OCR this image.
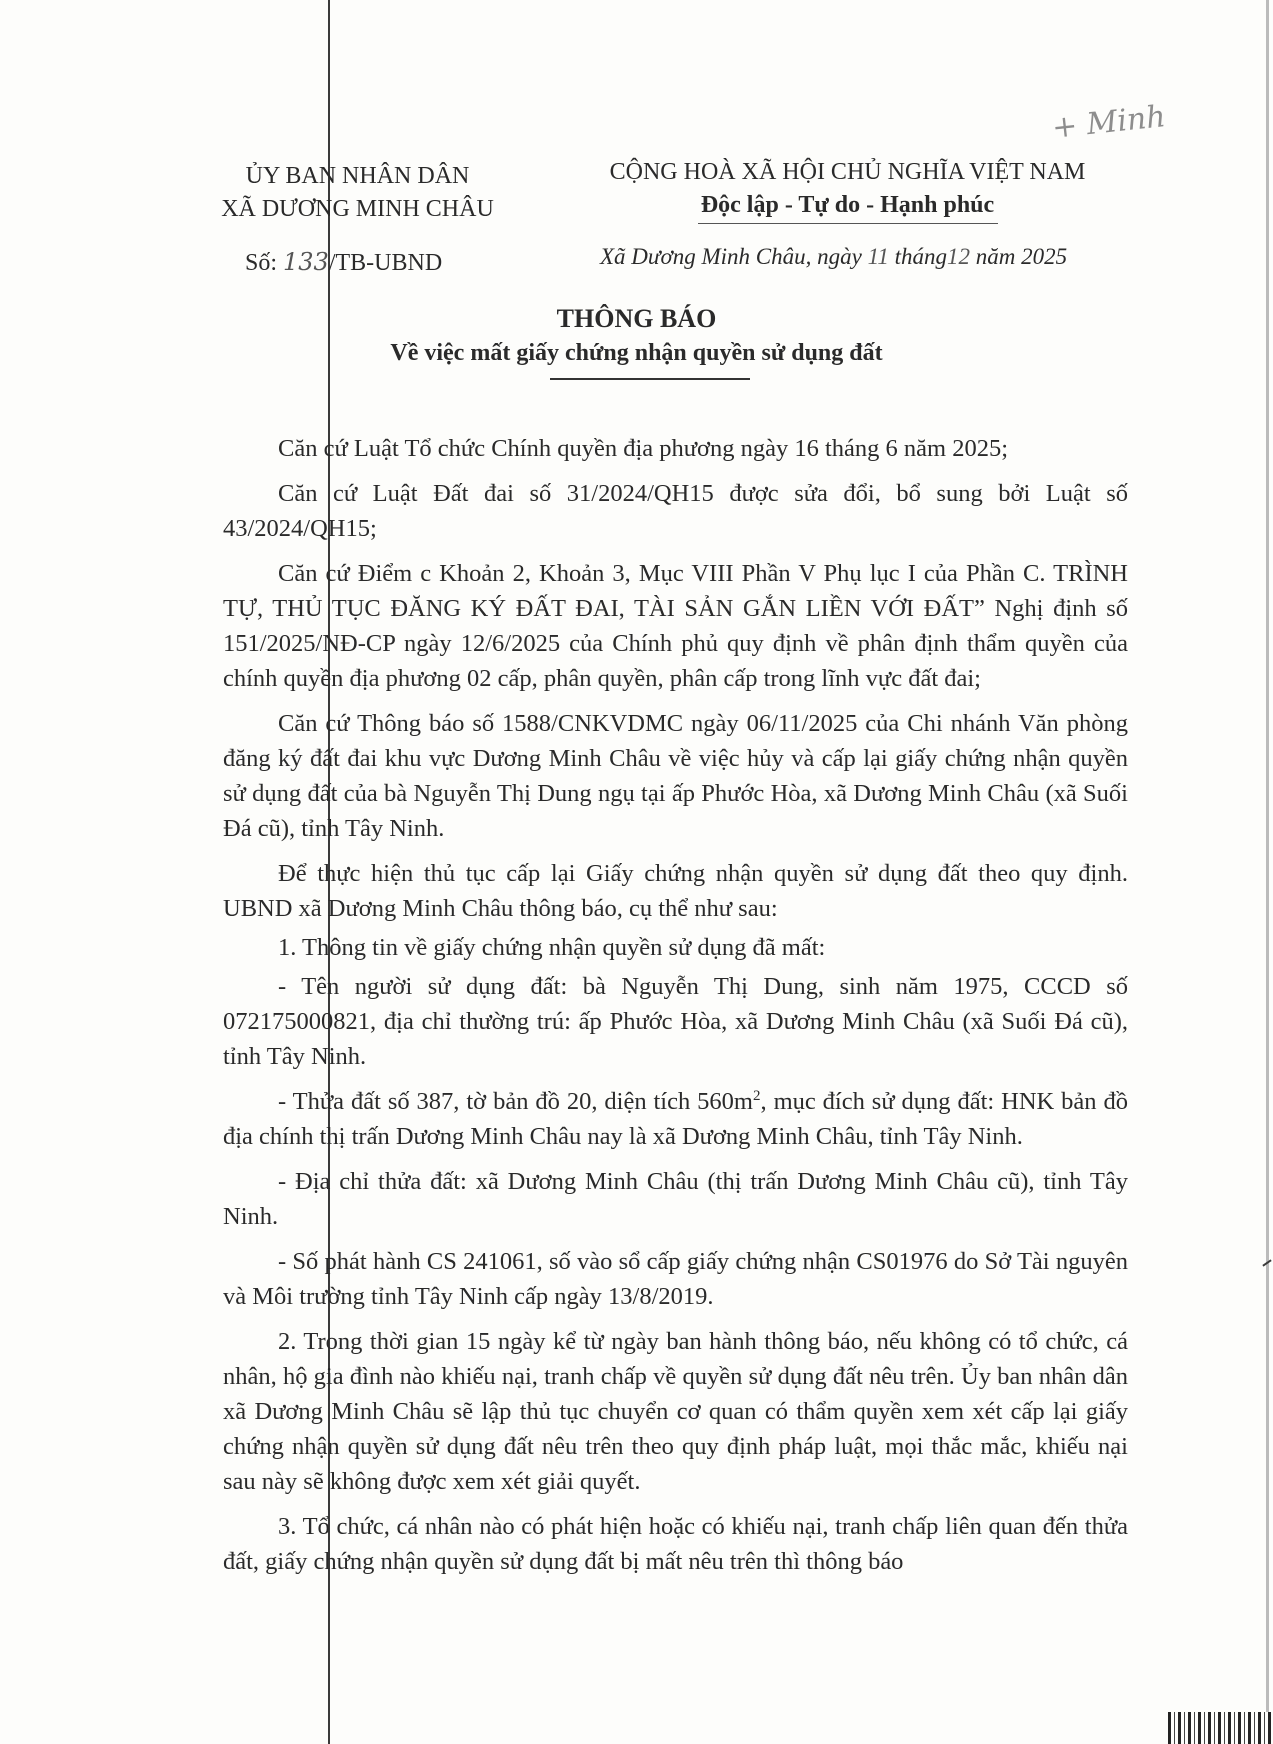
+ Minh
ỦY BAN NHÂN DÂN
XÃ DƯƠNG MINH CHÂU
CỘNG HOÀ XÃ HỘI CHỦ NGHĨA VIỆT NAM
Độc lập - Tự do - Hạnh phúc
Số: 133/TB-UBND	Xã Dương Minh Châu, ngày 11 tháng12 năm 2025
THÔNG BÁO
Về việc mất giấy chứng nhận quyền sử dụng đất

Căn cứ Luật Tổ chức Chính quyền địa phương ngày 16 tháng 6 năm 2025;

Căn cứ Luật Đất đai số 31/2024/QH15 được sửa đổi, bổ sung bởi Luật số 43/2024/QH15;

Căn cứ Điểm c Khoản 2, Khoản 3, Mục VIII Phần V Phụ lục I của Phần C. TRÌNH TỰ, THỦ TỤC ĐĂNG KÝ ĐẤT ĐAI, TÀI SẢN GẮN LIỀN VỚI ĐẤT” Nghị định số 151/2025/NĐ-CP ngày 12/6/2025 của Chính phủ quy định về phân định thẩm quyền của chính quyền địa phương 02 cấp, phân quyền, phân cấp trong lĩnh vực đất đai;

Căn cứ Thông báo số 1588/CNKVDMC ngày 06/11/2025 của Chi nhánh Văn phòng đăng ký đất đai khu vực Dương Minh Châu về việc hủy và cấp lại giấy chứng nhận quyền sử dụng đất của bà Nguyễn Thị Dung ngụ tại ấp Phước Hòa, xã Dương Minh Châu (xã Suối Đá cũ), tỉnh Tây Ninh.

Để thực hiện thủ tục cấp lại Giấy chứng nhận quyền sử dụng đất theo quy định. UBND xã Dương Minh Châu thông báo, cụ thể như sau:

1. Thông tin về giấy chứng nhận quyền sử dụng đã mất:

- Tên người sử dụng đất: bà Nguyễn Thị Dung, sinh năm 1975, CCCD số 072175000821, địa chỉ thường trú: ấp Phước Hòa, xã Dương Minh Châu (xã Suối Đá cũ), tỉnh Tây Ninh.

- Thửa đất số 387, tờ bản đồ 20, diện tích $560m^2$, mục đích sử dụng đất: HNK bản đồ địa chính thị trấn Dương Minh Châu nay là xã Dương Minh Châu, tỉnh Tây Ninh.

- Địa chỉ thửa đất: xã Dương Minh Châu (thị trấn Dương Minh Châu cũ), tỉnh Tây Ninh.

- Số phát hành CS 241061, số vào sổ cấp giấy chứng nhận CS01976 do Sở Tài nguyên và Môi trường tỉnh Tây Ninh cấp ngày 13/8/2019.

2. Trong thời gian 15 ngày kể từ ngày ban hành thông báo, nếu không có tổ chức, cá nhân, hộ gia đình nào khiếu nại, tranh chấp về quyền sử dụng đất nêu trên. Ủy ban nhân dân xã Dương Minh Châu sẽ lập thủ tục chuyển cơ quan có thẩm quyền xem xét cấp lại giấy chứng nhận quyền sử dụng đất nêu trên theo quy định pháp luật, mọi thắc mắc, khiếu nại sau này sẽ không được xem xét giải quyết.

3. Tổ chức, cá nhân nào có phát hiện hoặc có khiếu nại, tranh chấp liên quan đến thửa đất, giấy chứng nhận quyền sử dụng đất bị mất nêu trên thì thông báo
